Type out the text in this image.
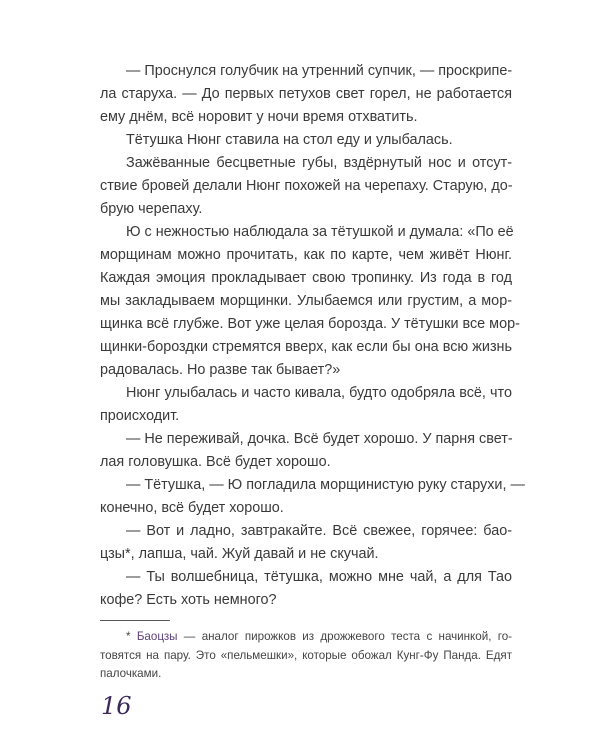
— Проснулся голубчик на утренний супчик, — проскрипе-
ла старуха. — До первых петухов свет горел, не работается
ему днём, всё норовит у ночи время отхватить.
Тётушка Нюнг ставила на стол еду и улыбалась.
Зажёванные бесцветные губы, вздёрнутый нос и отсут-
ствие бровей делали Нюнг похожей на черепаху. Старую, до-
брую черепаху.
Ю с нежностью наблюдала за тётушкой и думала: «По её
морщинам можно прочитать, как по карте, чем живёт Нюнг.
Каждая эмоция прокладывает свою тропинку. Из года в год
мы закладываем морщинки. Улыбаемся или грустим, а мор-
щинка всё глубже. Вот уже целая борозда. У тётушки все мор-
щинки-бороздки стремятся вверх, как если бы она всю жизнь
радовалась. Но разве так бывает?»
Нюнг улыбалась и часто кивала, будто одобряла всё, что
происходит.
— Не переживай, дочка. Всё будет хорошо. У парня свет-
лая головушка. Всё будет хорошо.
— Тётушка, — Ю погладила морщинистую руку старухи, —
конечно, всё будет хорошо.
— Вот и ладно, завтракайте. Всё свежее, горячее: бао-
цзы*, лапша, чай. Жуй давай и не скучай.
— Ты волшебница, тётушка, можно мне чай, а для Тао
кофе? Есть хоть немного?
* Баоцзы — аналог пирожков из дрожжевого теста с начинкой, го-
товятся на пару. Это «пельмешки», которые обожал Кунг-Фу Панда. Едят
палочками.
16
